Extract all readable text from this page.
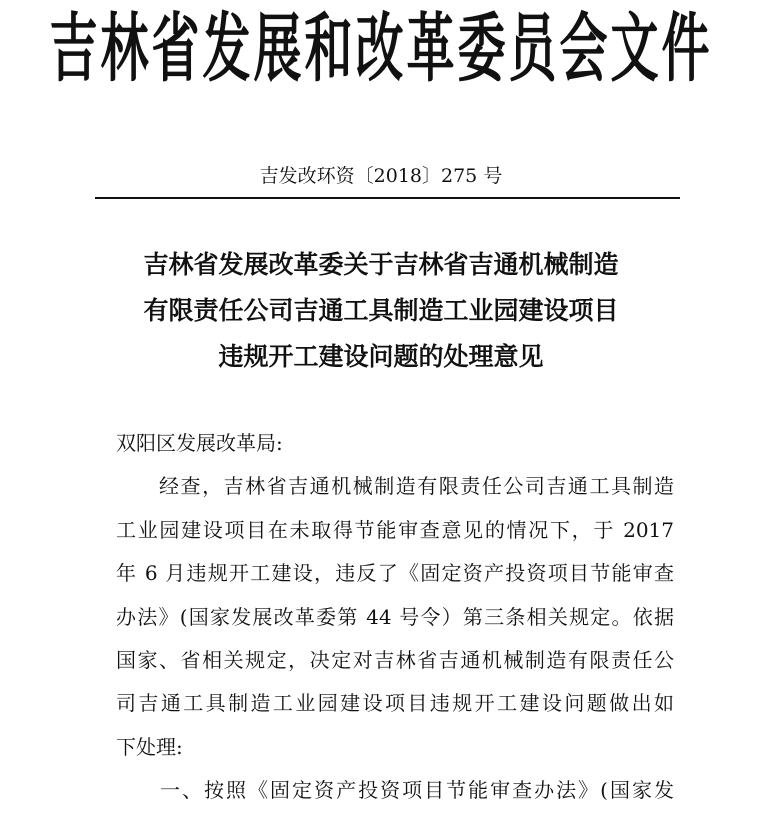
吉林省发展和改革委员会文件
吉发改环资〔2018〕275 号
吉林省发展改革委关于吉林省吉通机械制造
有限责任公司吉通工具制造工业园建设项目
违规开工建设问题的处理意见
双阳区发展改革局:
　　经查，吉林省吉通机械制造有限责任公司吉通工具制造
工业园建设项目在未取得节能审查意见的情况下，于 2017
年 6 月违规开工建设，违反了《固定资产投资项目节能审查
办法》(国家发展改革委第 44 号令）第三条相关规定。依据
国家、省相关规定，决定对吉林省吉通机械制造有限责任公
司吉通工具制造工业园建设项目违规开工建设问题做出如
下处理:
　　一、按照《固定资产投资项目节能审查办法》(国家发
